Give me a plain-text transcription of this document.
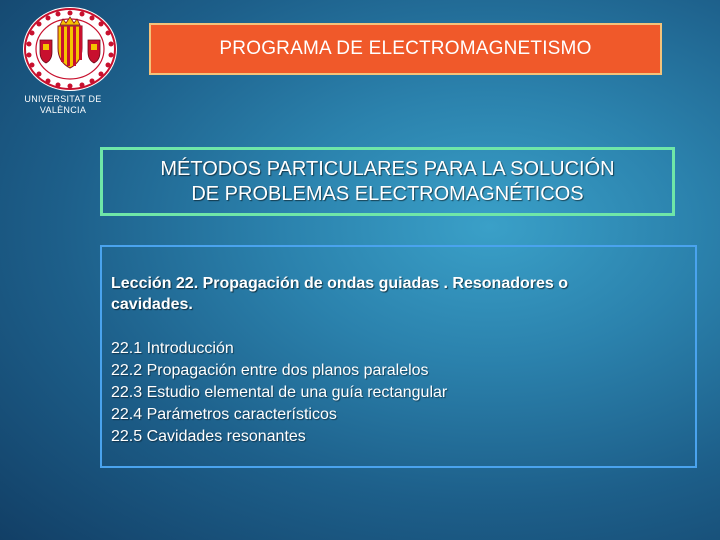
UNIVERSITAT DE
VALÈNCIA
PROGRAMA DE ELECTROMAGNETISMO
MÉTODOS PARTICULARES PARA LA SOLUCIÓN
DE PROBLEMAS ELECTROMAGNÉTICOS
Lección 22. Propagación de ondas guiadas . Resonadores o
cavidades.
22.1 Introducción
22.2 Propagación entre dos planos paralelos
22.3 Estudio elemental de una guía rectangular
22.4 Parámetros característicos
22.5 Cavidades resonantes
